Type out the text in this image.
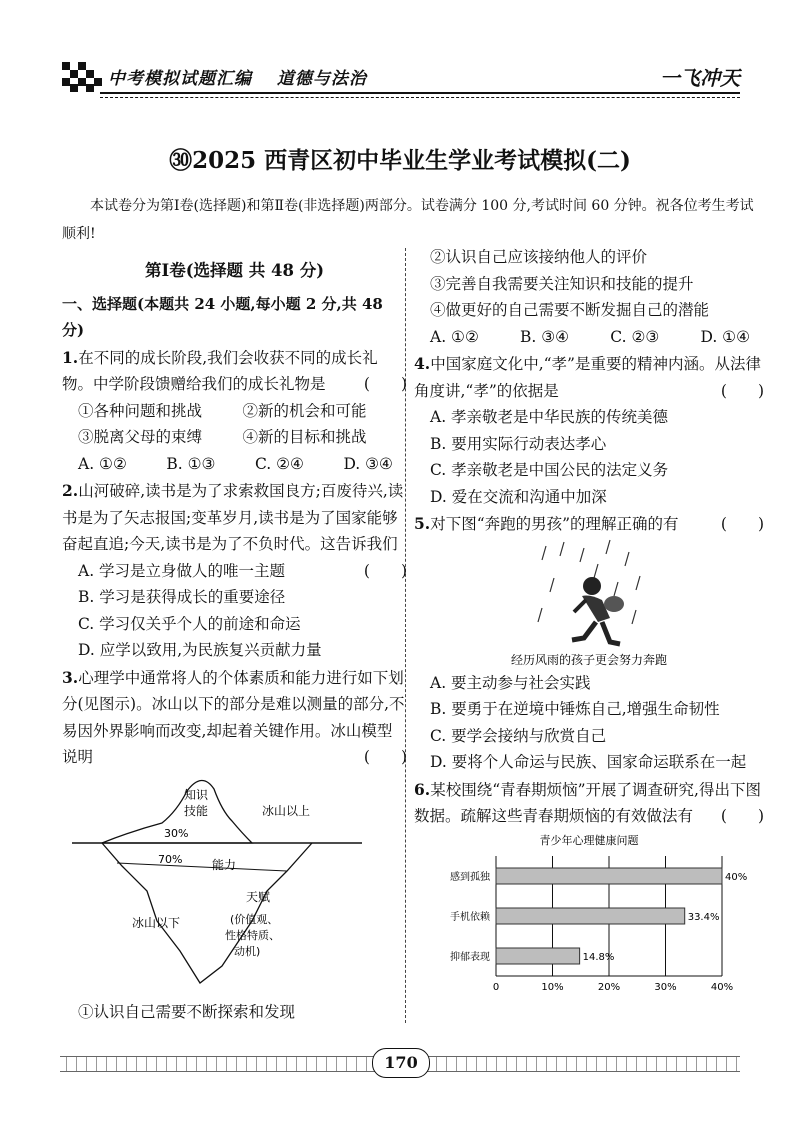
中考模拟试题汇编 道德与法治	一飞冲天
㉚2025 西青区初中毕业生学业考试模拟(二)
本试卷分为第Ⅰ卷(选择题)和第Ⅱ卷(非选择题)两部分。试卷满分 100 分,考试时间 60 分钟。祝各位考生考试顺利!
第Ⅰ卷(选择题 共 48 分)
一、选择题(本题共 24 小题,每小题 2 分,共 48 分)
1.在不同的成长阶段,我们会收获不同的成长礼物。中学阶段馈赠给我们的成长礼物是 (　　)
①各种问题和挑战	②新的机会和可能
③脱离父母的束缚	④新的目标和挑战
A. ①②	B. ①③	C. ②④	D. ③④
2.山河破碎,读书是为了求索救国良方;百废待兴,读书是为了矢志报国;变革岁月,读书是为了国家能够奋起直追;今天,读书是为了不负时代。这告诉我们
(　　)
A. 学习是立身做人的唯一主题
B. 学习是获得成长的重要途径
C. 学习仅关乎个人的前途和命运
D. 应学以致用,为民族复兴贡献力量
3.心理学中通常将人的个体素质和能力进行如下划分(见图示)。冰山以下的部分是难以测量的部分,不易因外界影响而改变,却起着关键作用。冰山模型说明	(　　)
知识
技能
30%
冰山以上
70% 能力
天赋
冰山以下	(价值观、
性格特质、
动机)
①认识自己需要不断探索和发现
②认识自己应该接纳他人的评价
③完善自我需要关注知识和技能的提升
④做更好的自己需要不断发掘自己的潜能
A. ①②	B. ③④	C. ②③	D. ①④
4.中国家庭文化中,“孝”是重要的精神内涵。从法律角度讲,“孝”的依据是	(　　)
A. 孝亲敬老是中华民族的传统美德
B. 要用实际行动表达孝心
C. 孝亲敬老是中国公民的法定义务
D. 爱在交流和沟通中加深
5.对下图“奔跑的男孩”的理解正确的有	(　　)
经历风雨的孩子更会努力奔跑
A. 要主动参与社会实践
B. 要勇于在逆境中锤炼自己,增强生命韧性
C. 要学会接纳与欣赏自己
D. 要将个人命运与民族、国家命运联系在一起
6.某校围绕“青春期烦恼”开展了调查研究,得出下图数据。疏解这些青春期烦恼的有效做法有 (　　)
青少年心理健康问题
0	10%	20%	30%	40%
感到孤独	40%
手机依赖	33.4%
抑郁表现	14.8%
170
